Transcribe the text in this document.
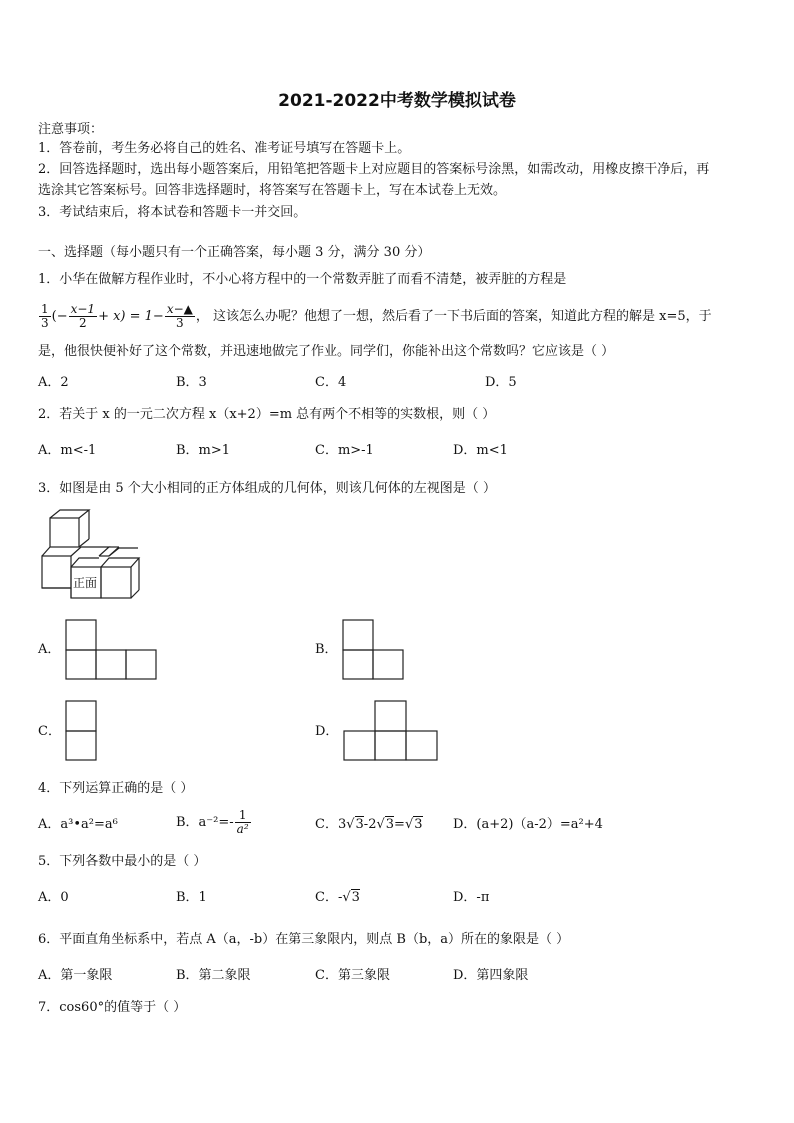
2021-2022中考数学模拟试卷
注意事项：
1．答卷前，考生务必将自己的姓名、准考证号填写在答题卡上。
2．回答选择题时，选出每小题答案后，用铅笔把答题卡上对应题目的答案标号涂黑，如需改动，用橡皮擦干净后，再
选涂其它答案标号。回答非选择题时，将答案写在答题卡上，写在本试卷上无效。
3．考试结束后，将本试卷和答题卡一并交回。
一、选择题（每小题只有一个正确答案，每小题 3 分，满分 30 分）
1．小华在做解方程作业时，不小心将方程中的一个常数弄脏了而看不清楚，被弄脏的方程是
$\frac{1}{3}$ (− $\frac{x-1}{2} + x) = 1- \frac{x-▲}{3}$ ， 这该怎么办呢？他想了一想，然后看了一下书后面的答案，知道此方程的解是 x=5，于
是，他很快便补好了这个常数，并迅速地做完了作业。同学们，你能补出这个常数吗？它应该是（ ）
A．2	B．3	C．4	D．5
2．若关于 x 的一元二次方程 x（x+2）=m 总有两个不相等的实数根，则（ ）
A．m<-1	B．m>1	C．m>-1	D．m<1
3．如图是由 5 个大小相同的正方体组成的几何体，则该几何体的左视图是（ ）
正面
A．	B．
C．	D．
4．下列运算正确的是（ ）
A．a³•a²=a⁶	B．$a^{-2}=- \frac{1}{\text{a²}}$	C．3√3-2√3=√3 D．(a+2)（a-2）=a²+4
5．下列各数中最小的是（ ）
A．0	B．1	C．-√3	D．-π
6．平面直角坐标系中，若点 A（a，-b）在第三象限内，则点 B（b，a）所在的象限是（ ）
A．第一象限	B．第二象限	C．第三象限	D．第四象限
7．cos60°的值等于（ ）
